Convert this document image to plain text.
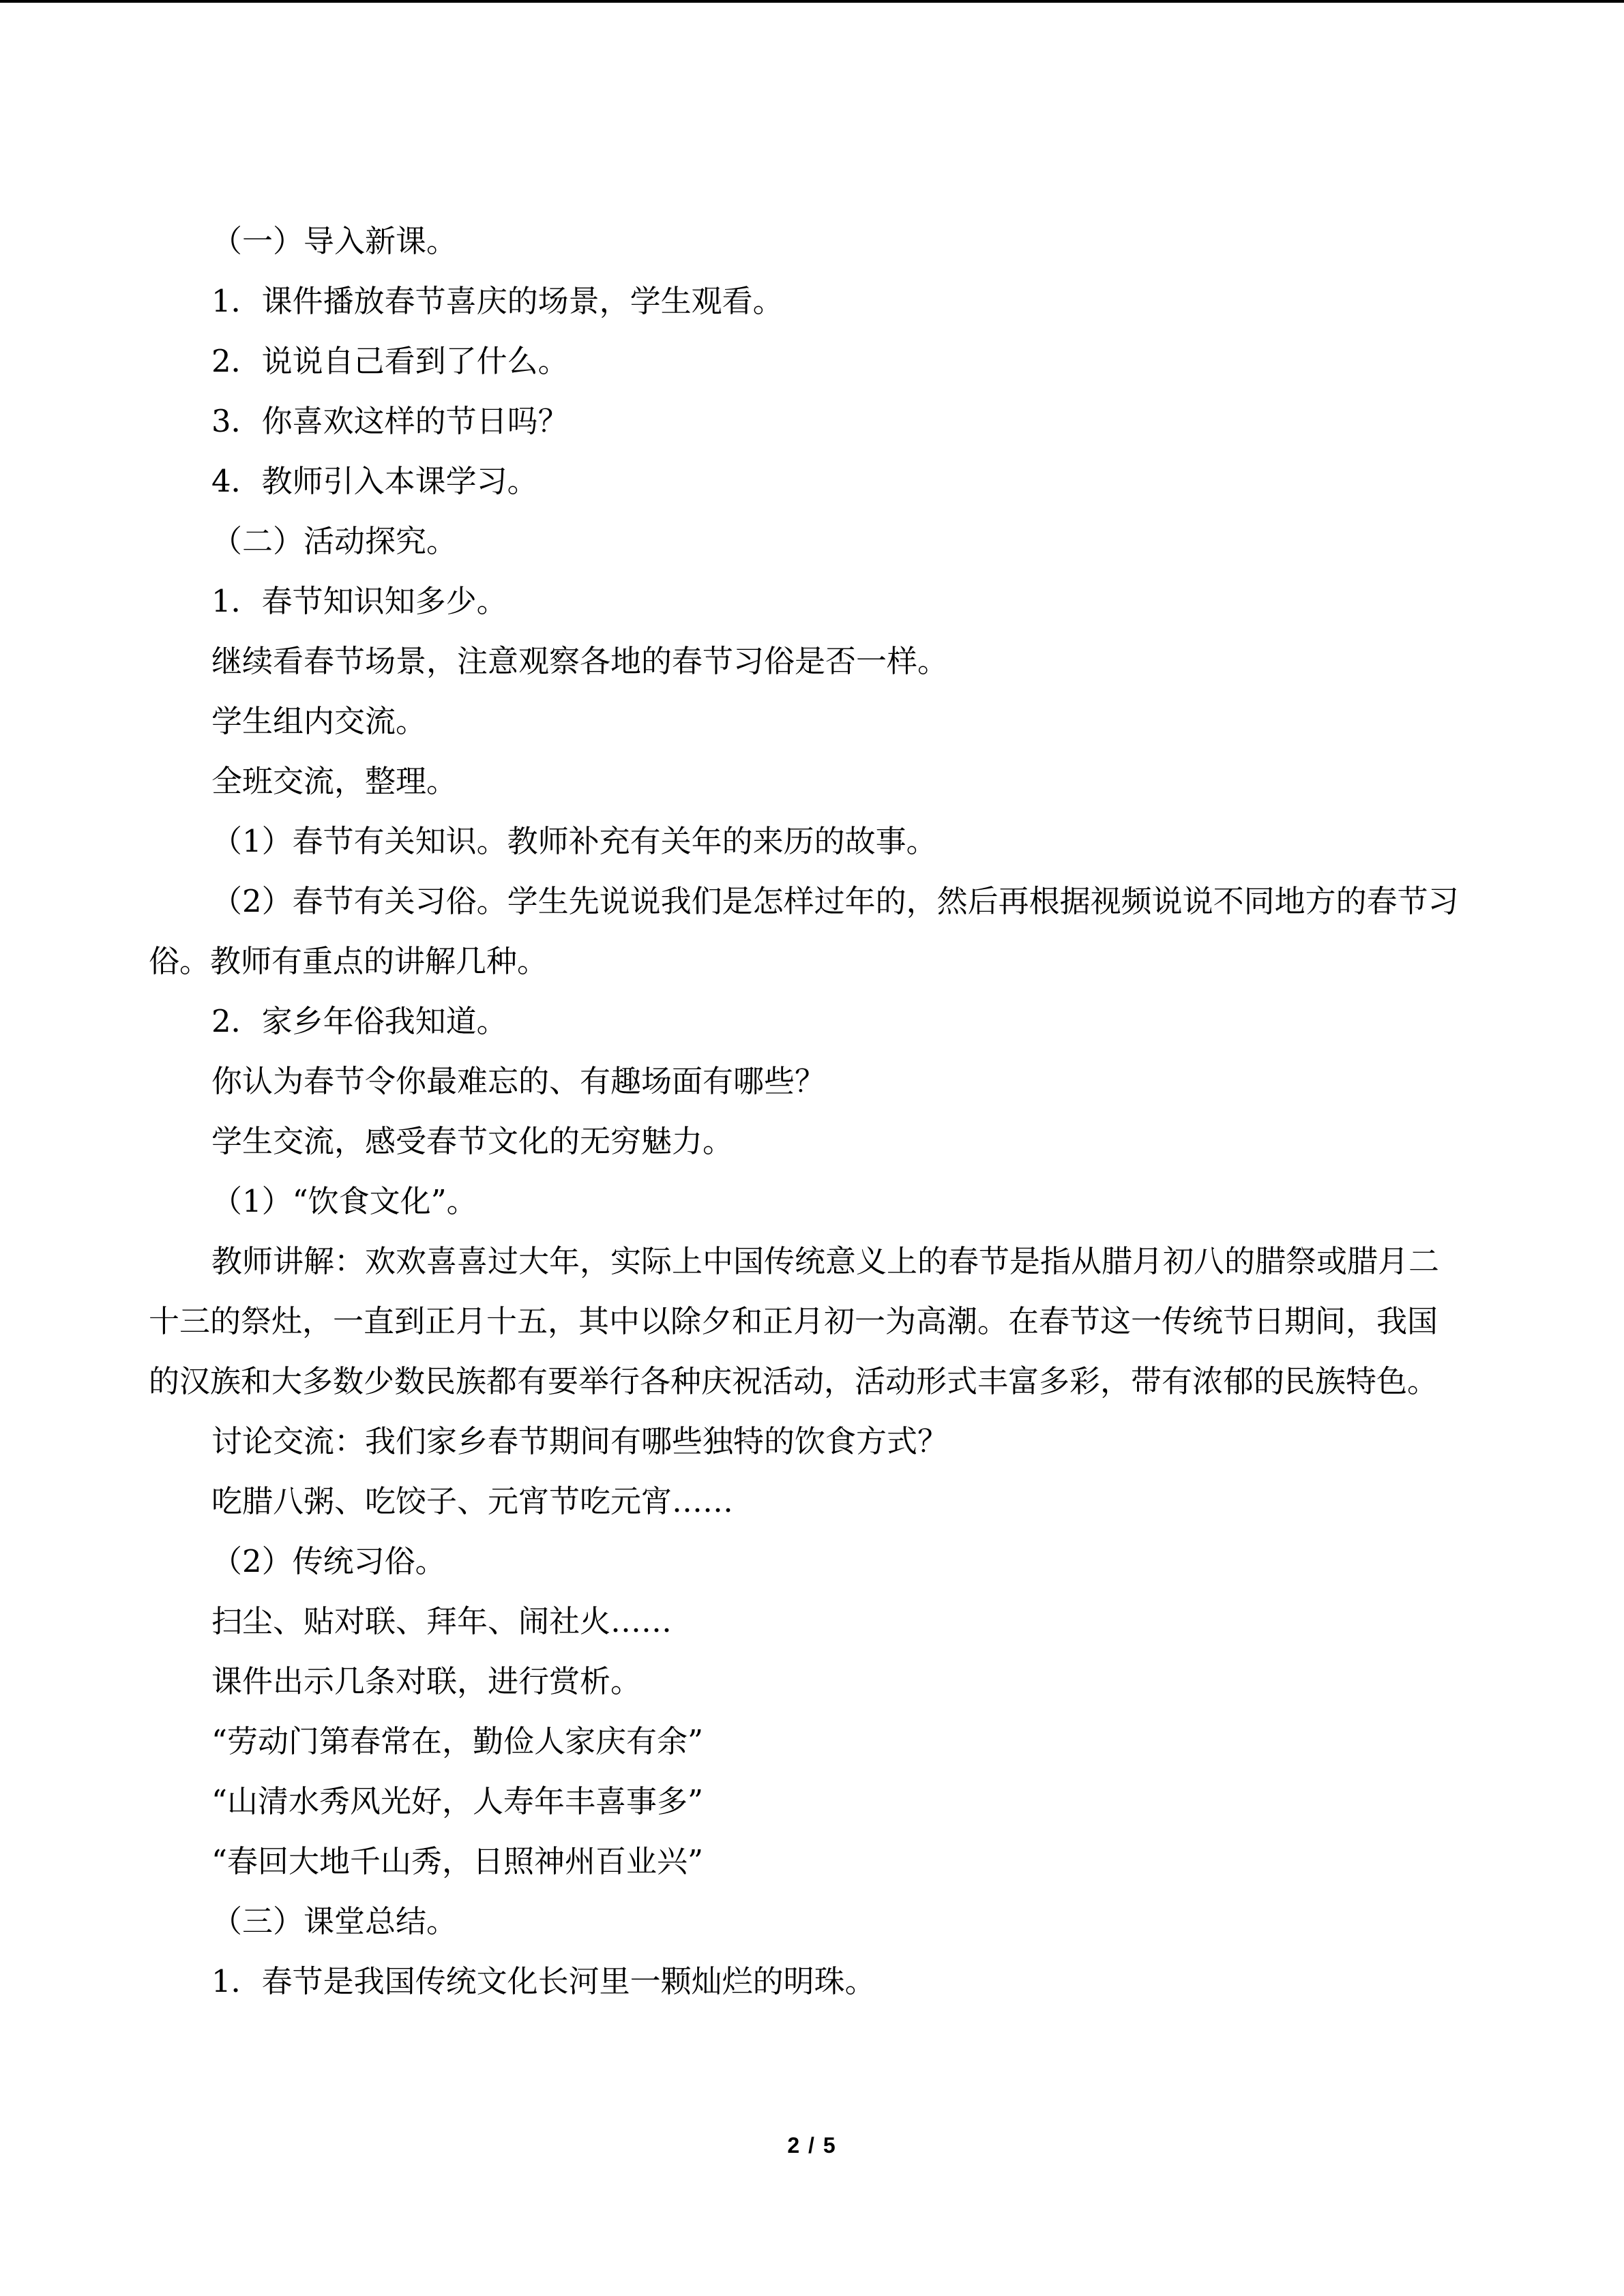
（一）导入新课。

1．课件播放春节喜庆的场景，学生观看。

2．说说自己看到了什么。

3．你喜欢这样的节日吗？

4．教师引入本课学习。

（二）活动探究。

1．春节知识知多少。

继续看春节场景，注意观察各地的春节习俗是否一样。

学生组内交流。

全班交流，整理。

（1）春节有关知识。教师补充有关年的来历的故事。

（2）春节有关习俗。学生先说说我们是怎样过年的，然后再根据视频说说不同地方的春节习俗。教师有重点的讲解几种。

2．家乡年俗我知道。

你认为春节令你最难忘的、有趣场面有哪些？

学生交流，感受春节文化的无穷魅力。

（1）“饮食文化”。

教师讲解：欢欢喜喜过大年，实际上中国传统意义上的春节是指从腊月初八的腊祭或腊月二十三的祭灶，一直到正月十五，其中以除夕和正月初一为高潮。在春节这一传统节日期间，我国的汉族和大多数少数民族都有要举行各种庆祝活动，活动形式丰富多彩，带有浓郁的民族特色。

讨论交流：我们家乡春节期间有哪些独特的饮食方式？

吃腊八粥、吃饺子、元宵节吃元宵……

（2）传统习俗。

扫尘、贴对联、拜年、闹社火……

课件出示几条对联，进行赏析。

“劳动门第春常在，勤俭人家庆有余”

“山清水秀风光好，人寿年丰喜事多”

“春回大地千山秀，日照神州百业兴”

（三）课堂总结。

1．春节是我国传统文化长河里一颗灿烂的明珠。

2 / 5
